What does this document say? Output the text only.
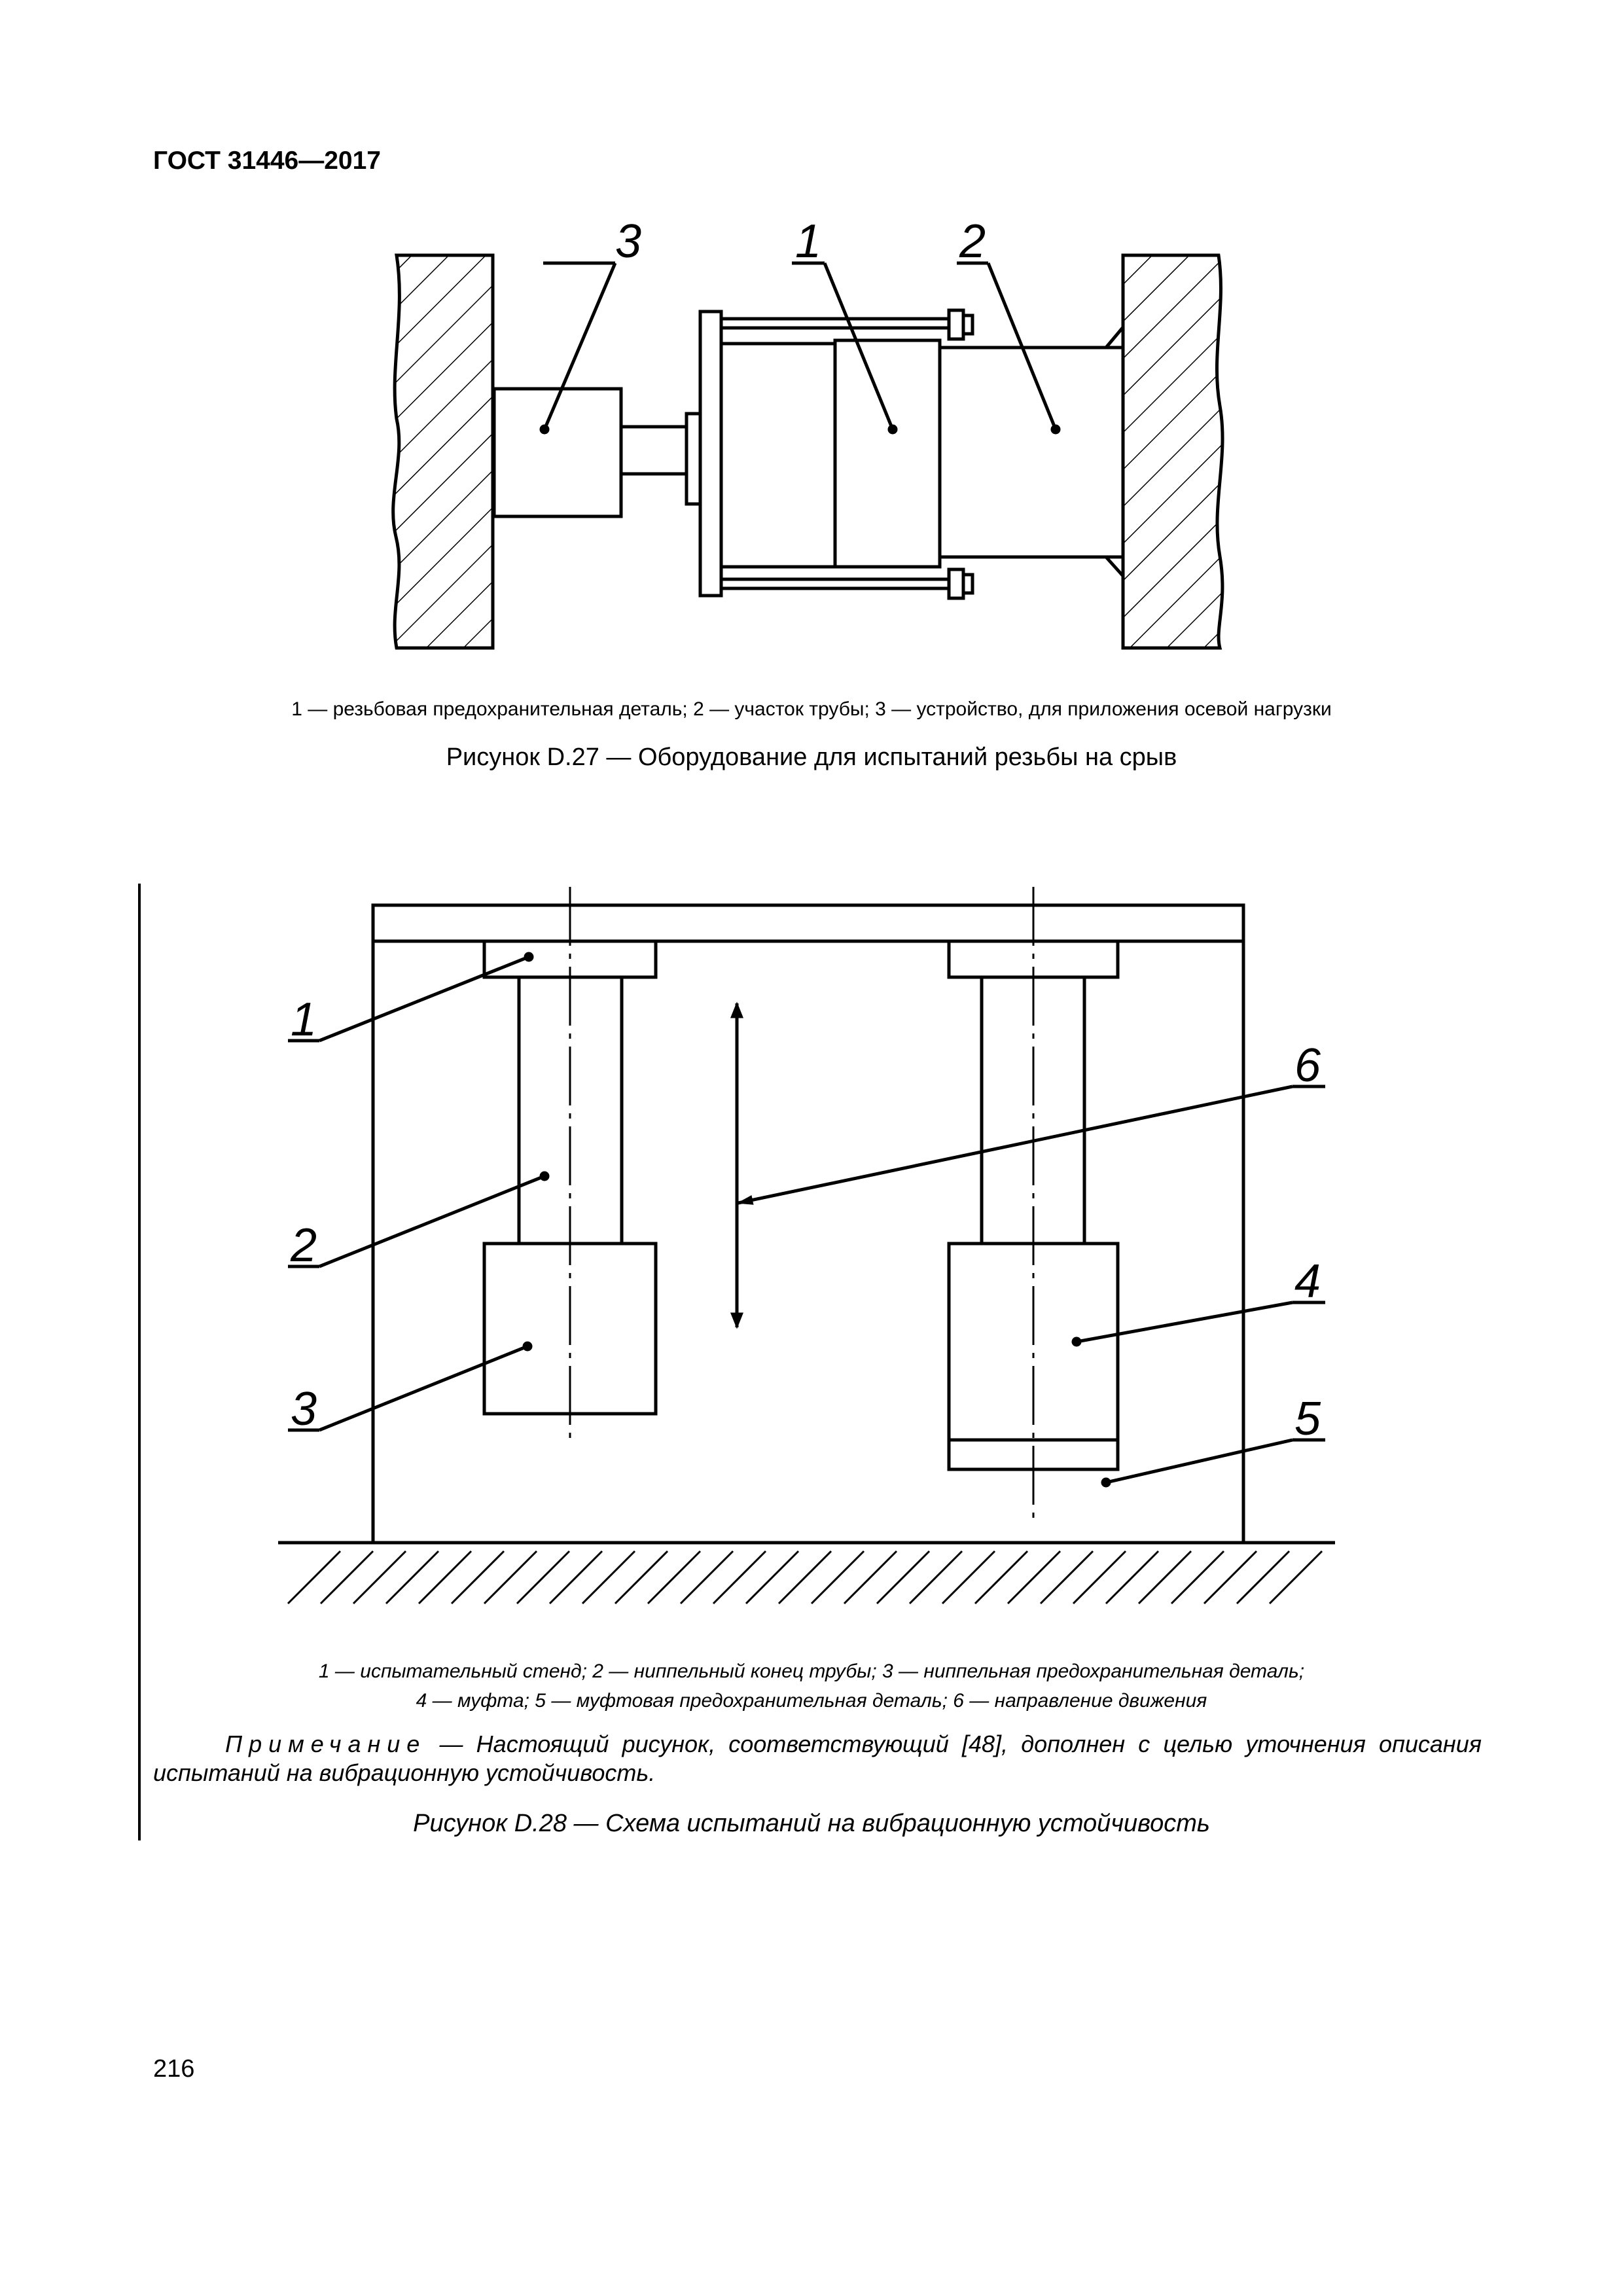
ГОСТ 31446—2017
3	1	2
1 — резьбовая предохранительная деталь; 2 — участок трубы; 3 — устройство, для приложения осевой нагрузки
Рисунок D.27 — Оборудование для испытаний резьбы на срыв
1
6
2
4
3	5
1 — испытательный стенд; 2 — ниппельный конец трубы; 3 — ниппельная предохранительная деталь;
4 — муфта; 5 — муфтовая предохранительная деталь; 6 — направление движения
Примечание — Настоящий рисунок, соответствующий [48], дополнен с целью уточнения описания испытаний на вибрационную устойчивость.
Рисунок D.28 — Схема испытаний на вибрационную устойчивость
216
